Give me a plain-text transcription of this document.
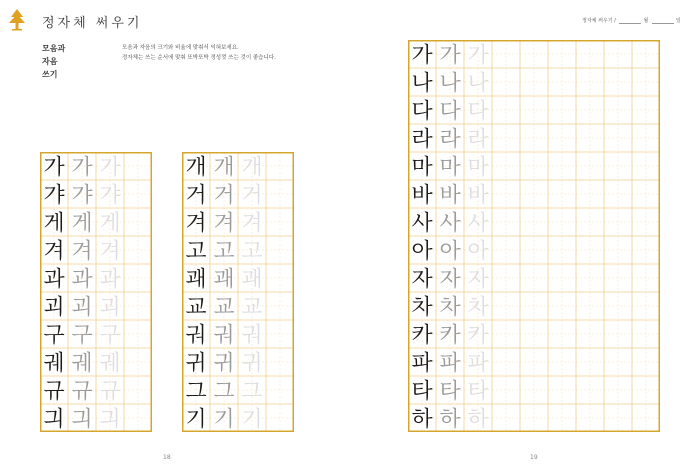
정자체 써우기
모음과
자음
쓰기
모음과 자음의 크기와 비율에 맞춰서 익혀보세요.
정자체는 쓰는 순서에 맞춰 또박또박 정성껏 쓰는 것이 좋습니다.
가 가 가
갸 갸 갸
게 게 게
겨 겨 겨
과 과 과
괴 괴 괴
구 구 구
궤 궤 궤
규 규 규
긔 긔 긔
개 개 개
거 거 거
겨 겨 겨
고 고 고
괘 괘 괘
교 교 교
궈 궈 궈
귀 귀 귀
그 그 그
기 기 기
18
가 가 가
나 나 나
다 다 다
라 라 라
마 마 마
바 바 바
사 사 사
아 아 아
자 자 자
차 차 차
카 카 카
파 파 파
타 타 타
하 하 하
19
정자체 써우기 /	월	일
